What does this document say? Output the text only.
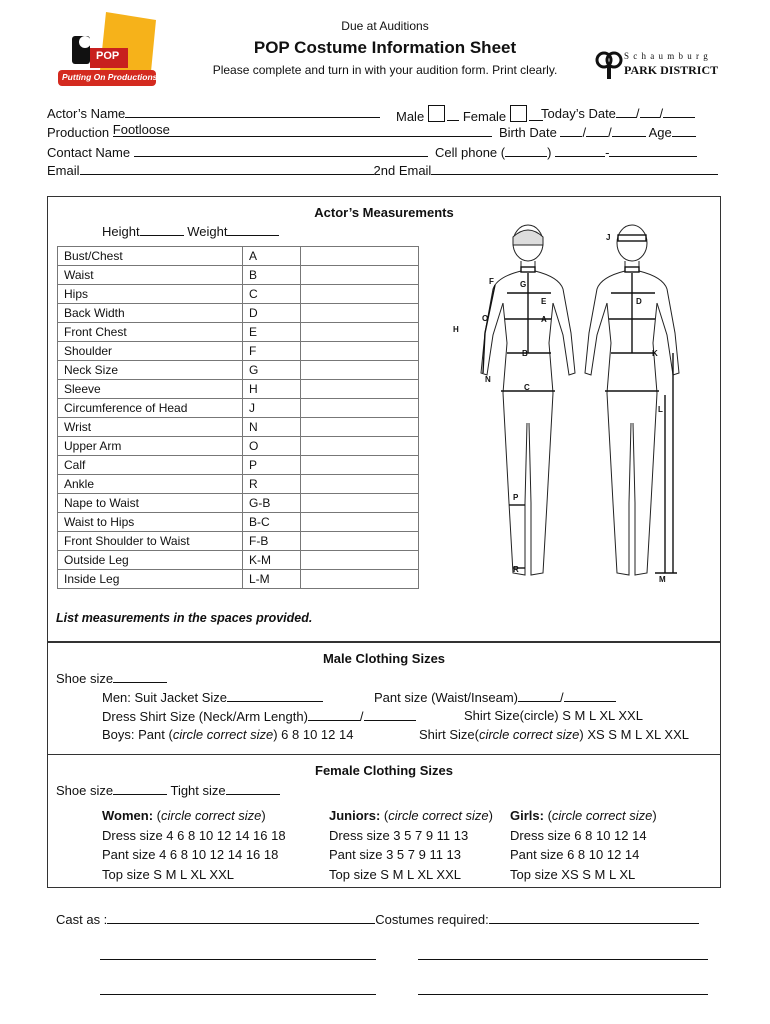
POP
Putting On Productions
Due at Auditions
POP Costume Information Sheet
Please complete and turn in with your audition form. Print clearly.
S c h a u m b u r g
PARK DISTRICT
Actor’s Name	Male	Female	Today’s Date / /
Production Footloose	Birth Date / /	Age
Contact Name	Cell phone (	)	-
Email	2nd Email
Actor’s Measurements
Height	Weight
List measurements in the spaces provided.
J
F	G
E	D
O	A
H
B	K
N
C
L
P
R
M
Bust/Chest	A	
Waist	B	
Hips	C	
Back Width	D	
Front Chest	E	
Shoulder	F	
Neck Size	G	
Sleeve	H	
Circumference of Head	J	
Wrist	N	
Upper Arm	O	
Calf	P	
Ankle	R	
Nape to Waist	G-B	
Waist to Hips	B-C	
Front Shoulder to Waist	F-B	
Outside Leg	K-M	
Inside Leg	L-M	
Male Clothing Sizes
Shoe size
Men: Suit Jacket Size	Pant size (Waist/Inseam)	/
Dress Shirt Size (Neck/Arm Length)	/	Shirt Size(circle) S M L XL XXL
Boys: Pant (circle correct size) 6 8 10 12 14	Shirt Size(circle correct size) XS S M L XL XXL
Female Clothing Sizes
Shoe size	Tight size
Women: (circle correct size)
Dress size 4 6 8 10 12 14 16 18
Pant size 4 6 8 10 12 14 16 18
Top size S M L XL XXL
Juniors: (circle correct size)
Dress size 3 5 7 9 11 13
Pant size 3 5 7 9 11 13
Top size S M L XL XXL
Girls: (circle correct size)
Dress size 6 8 10 12 14
Pant size 6 8 10 12 14
Top size XS S M L XL
Cast as :	Costumes required:
